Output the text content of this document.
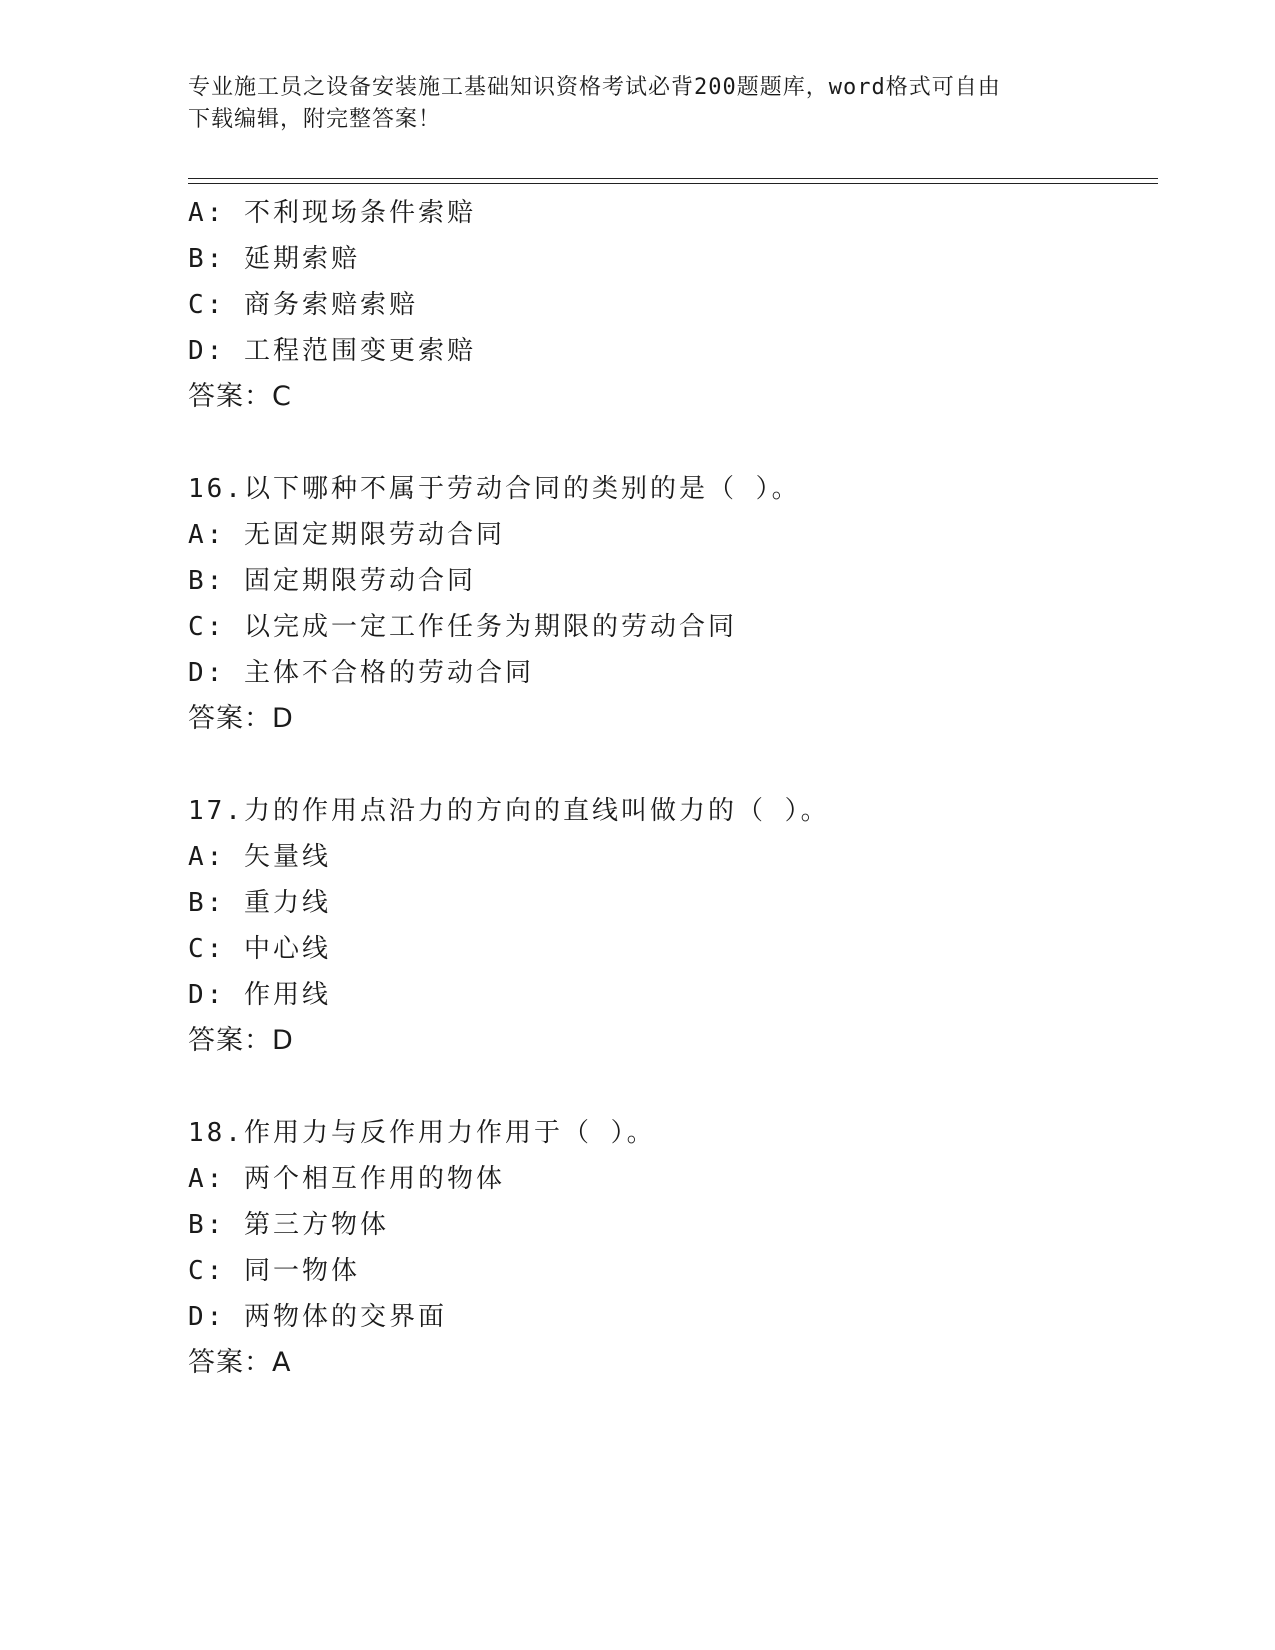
专业施工员之设备安装施工基础知识资格考试必背200题题库，word格式可自由
下载编辑，附完整答案！
A: 不利现场条件索赔
B: 延期索赔
C: 商务索赔索赔
D: 工程范围变更索赔
答案：C
16.以下哪种不属于劳动合同的类别的是（ ）。
A: 无固定期限劳动合同
B: 固定期限劳动合同
C: 以完成一定工作任务为期限的劳动合同
D: 主体不合格的劳动合同
答案：D
17.力的作用点沿力的方向的直线叫做力的（ ）。
A: 矢量线
B: 重力线
C: 中心线
D: 作用线
答案：D
18.作用力与反作用力作用于（ ）。
A: 两个相互作用的物体
B: 第三方物体
C: 同一物体
D: 两物体的交界面
答案：A
